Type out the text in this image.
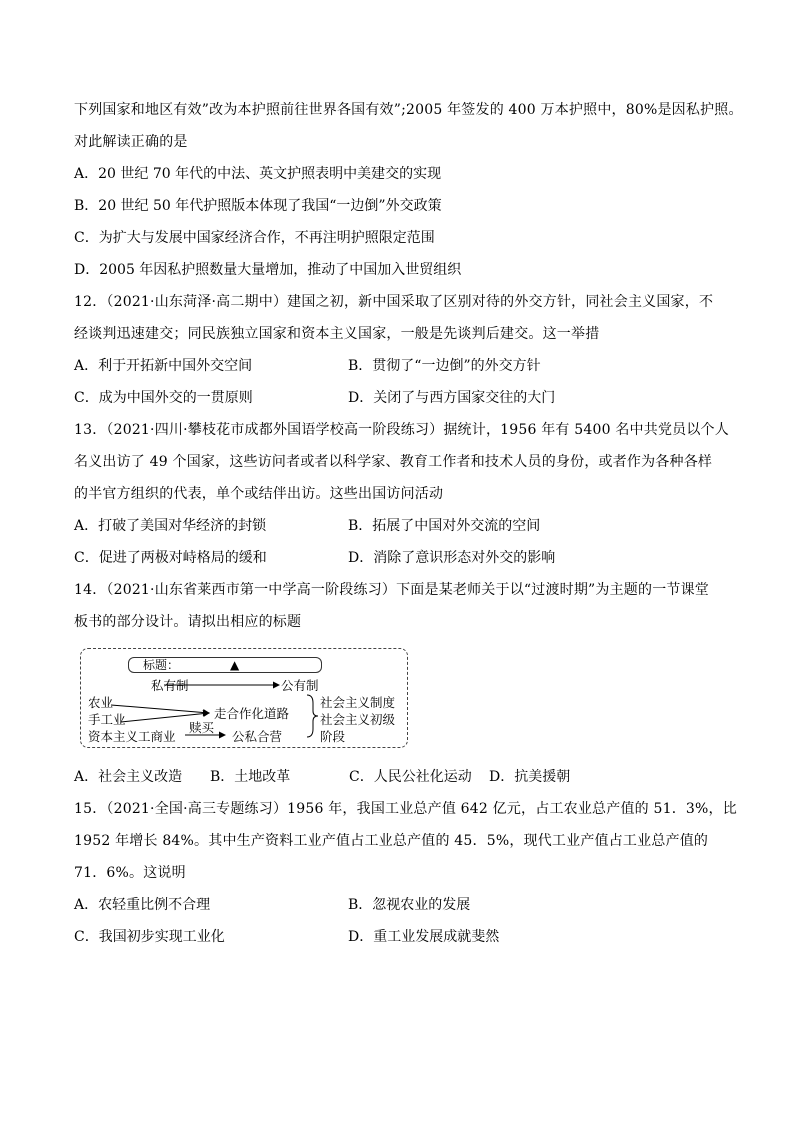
下列国家和地区有效”改为本护照前往世界各国有效”;2005 年签发的 400 万本护照中，80%是因私护照。
对此解读正确的是
A．20 世纪 70 年代的中法、英文护照表明中美建交的实现
B．20 世纪 50 年代护照版本体现了我国“一边倒”外交政策
C．为扩大与发展中国家经济合作，不再注明护照限定范围
D．2005 年因私护照数量大量增加，推动了中国加入世贸组织
12．（2021·山东菏泽·高二期中）建国之初，新中国采取了区别对待的外交方针，同社会主义国家，不
经谈判迅速建交；同民族独立国家和资本主义国家，一般是先谈判后建交。这一举措
A．利于开拓新中国外交空间	B．贯彻了“一边倒”的外交方针
C．成为中国外交的一贯原则	D．关闭了与西方国家交往的大门
13．（2021·四川·攀枝花市成都外国语学校高一阶段练习）据统计，1956 年有 5400 名中共党员以个人
名义出访了 49 个国家，这些访问者或者以科学家、教育工作者和技术人员的身份，或者作为各种各样
的半官方组织的代表，单个或结伴出访。这些出国访问活动
A．打破了美国对华经济的封锁	B．拓展了中国对外交流的空间
C．促进了两极对峙格局的缓和	D．消除了意识形态对外交的影响
14．（2021·山东省莱西市第一中学高一阶段练习）下面是某老师关于以“过渡时期”为主题的一节课堂
板书的部分设计。请拟出相应的标题
标题：	▲
私有制	公有制
农业
手工业
资本主义工商业
走合作化道路
赎买
公私合营
社会主义制度
社会主义初级
阶段
A．社会主义改造 B．土地改革	C．人民公社化运动 D．抗美援朝
15．（2021·全国·高三专题练习）1956 年，我国工业总产值 642 亿元，占工农业总产值的 51．3%，比
1952 年增长 84%。其中生产资料工业产值占工业总产值的 45．5%，现代工业产值占工业总产值的
71．6%。这说明
A．农轻重比例不合理	B．忽视农业的发展
C．我国初步实现工业化	D．重工业发展成就斐然
